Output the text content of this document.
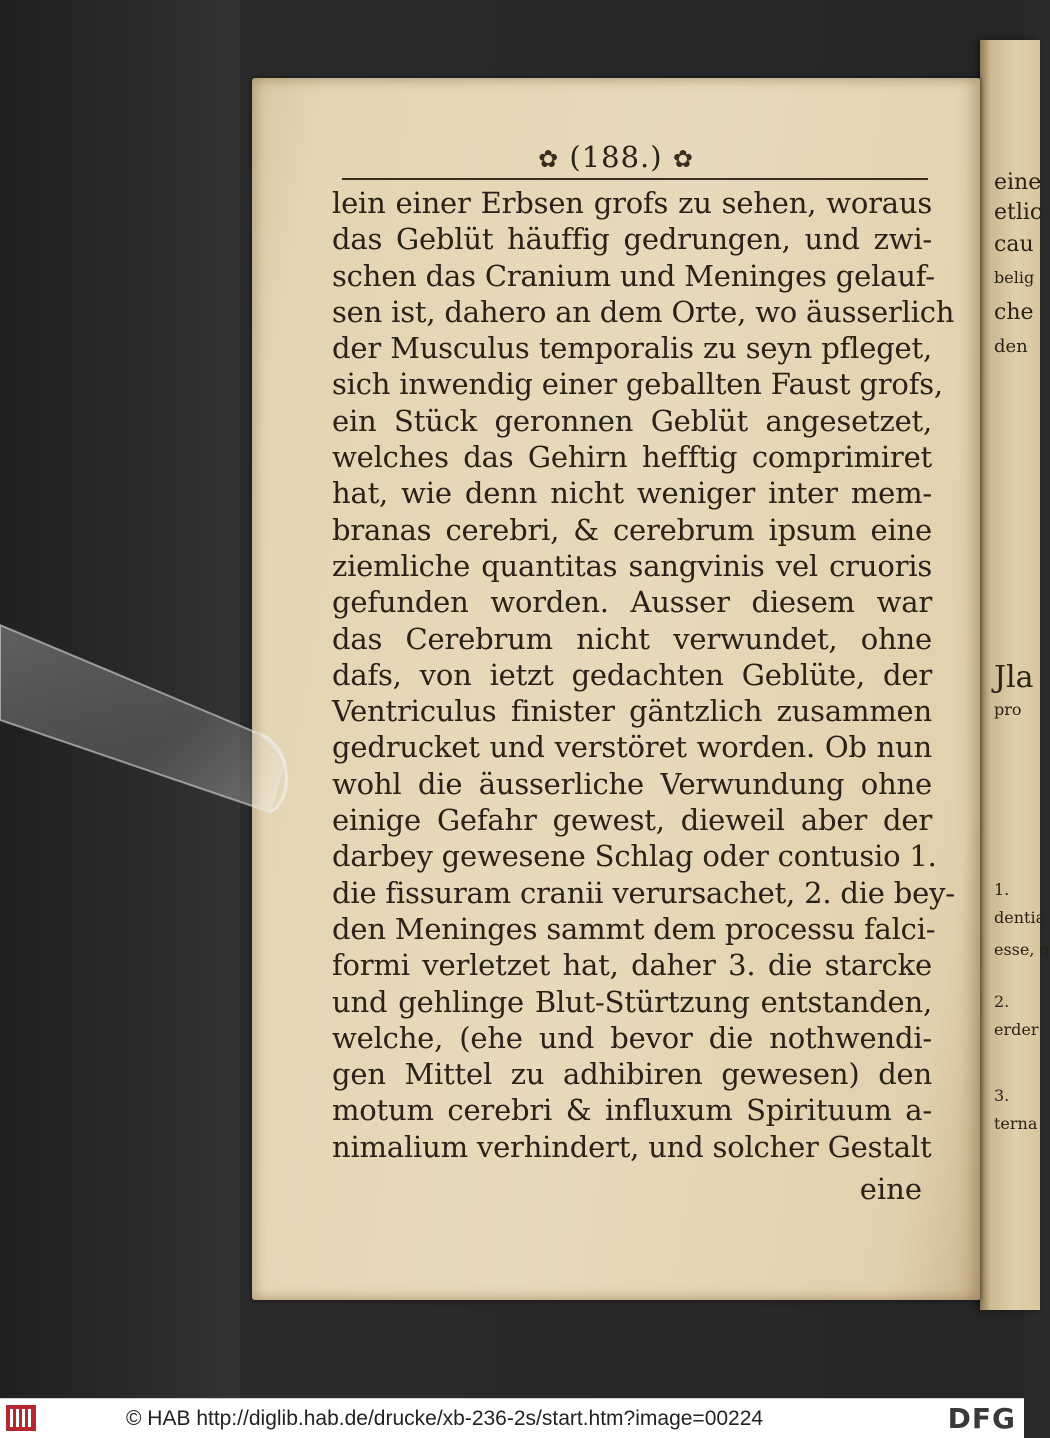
eine
etlic
cau
belig
che
den
Jla
pro
1.
dentia
esse, q
2.
erder
3.
terna
✿ (188.) ✿
lein einer Erbsen grofs zu sehen, woraus
das Geblüt häuffig gedrungen, und zwi-
schen das Cranium und Meninges gelauf-
sen ist, dahero an dem Orte, wo äusserlich
der Musculus temporalis zu seyn pfleget,
sich inwendig einer geballten Faust grofs,
ein Stück geronnen Geblüt angesetzet,
welches das Gehirn hefftig comprimiret
hat, wie denn nicht weniger inter mem-
branas cerebri, & cerebrum ipsum eine
ziemliche quantitas sangvinis vel cruoris
gefunden worden. Ausser diesem war
das Cerebrum nicht verwundet, ohne
dafs, von ietzt gedachten Geblüte, der
Ventriculus finister gäntzlich zusammen
gedrucket und verstöret worden. Ob nun
wohl die äusserliche Verwundung ohne
einige Gefahr gewest, dieweil aber der
darbey gewesene Schlag oder contusio 1.
die fissuram cranii verursachet, 2. die bey-
den Meninges sammt dem processu falci-
formi verletzet hat, daher 3. die starcke
und gehlinge Blut-Stürtzung entstanden,
welche, (ehe und bevor die nothwendi-
gen Mittel zu adhibiren gewesen) den
motum cerebri & influxum Spirituum a-
nimalium verhindert, und solcher Gestalt
eine
© HAB http://diglib.hab.de/drucke/xb-236-2s/start.htm?image=00224	DFG
